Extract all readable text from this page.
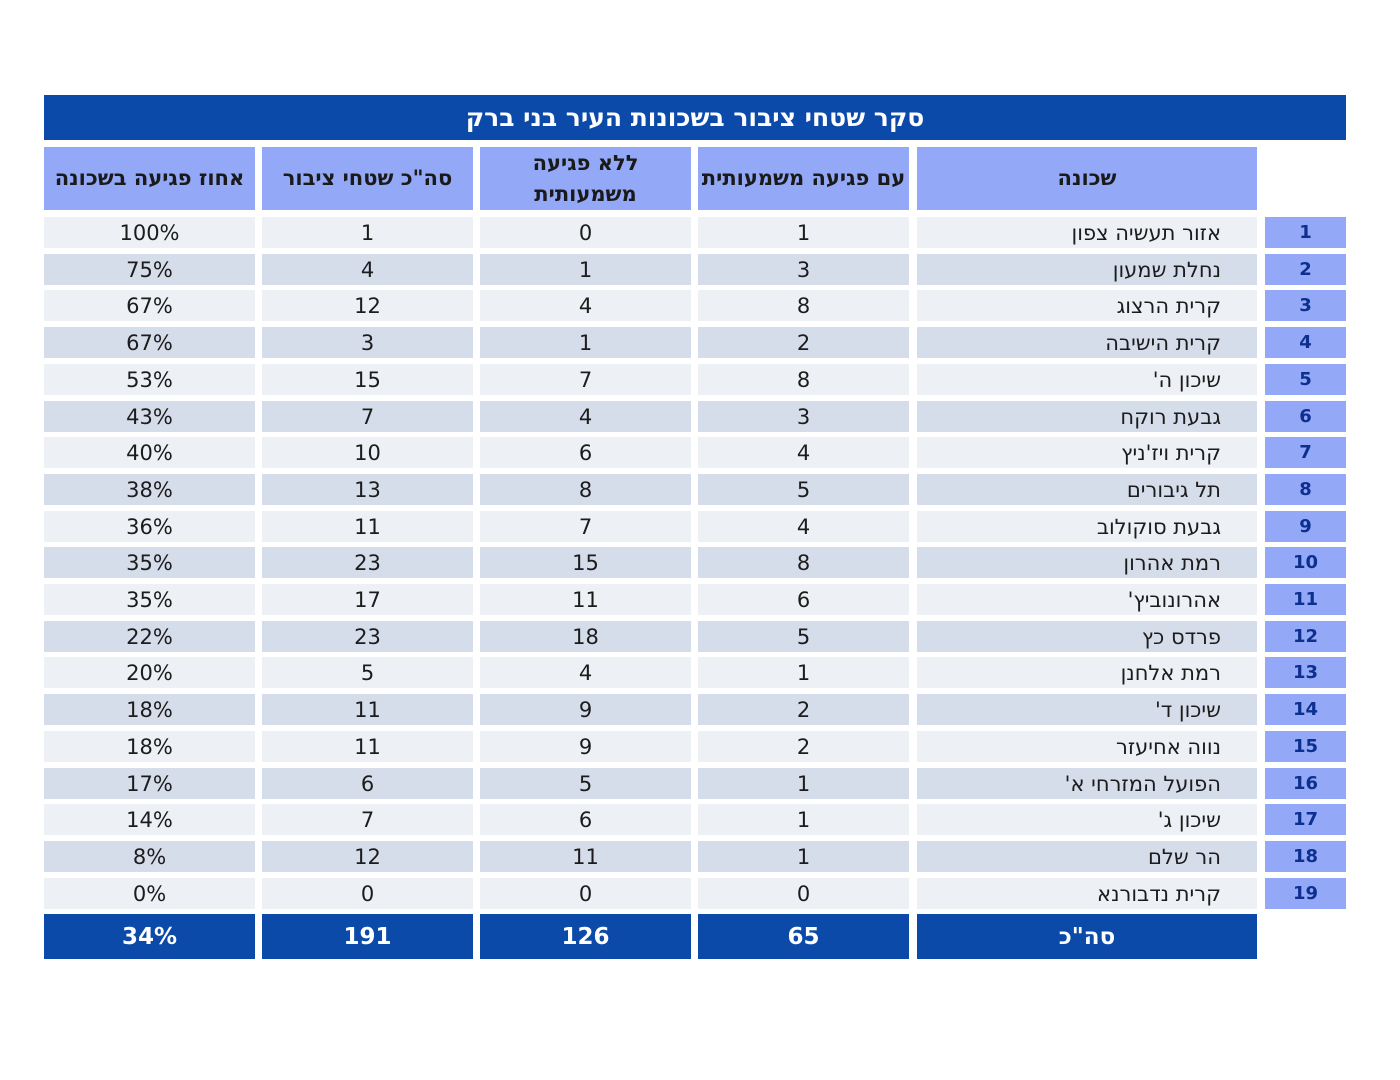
סקר שטחי ציבור בשכונות העיר בני ברק
שכונה
עם פגיעה משמעותית
ללא פגיעה משמעותית
סה"כ שטחי ציבור
אחוז פגיעה בשכונה
1
אזור תעשיה צפון
1
0
1
100%
2
נחלת שמעון
3
1
4
75%
3
קרית הרצוג
8
4
12
67%
4
קרית הישיבה
2
1
3
67%
5
שיכון ה'
8
7
15
53%
6
גבעת רוקח
3
4
7
43%
7
קרית ויז'ניץ
4
6
10
40%
8
תל גיבורים
5
8
13
38%
9
גבעת סוקולוב
4
7
11
36%
10
רמת אהרון
8
15
23
35%
11
אהרונוביץ'
6
11
17
35%
12
פרדס כץ
5
18
23
22%
13
רמת אלחנן
1
4
5
20%
14
שיכון ד'
2
9
11
18%
15
נווה אחיעזר
2
9
11
18%
16
הפועל המזרחי א'
1
5
6
17%
17
שיכון ג'
1
6
7
14%
18
הר שלם
1
11
12
8%
19
קרית נדבורנא
0
0
0
0%
סה"כ
65
126
191
34%
